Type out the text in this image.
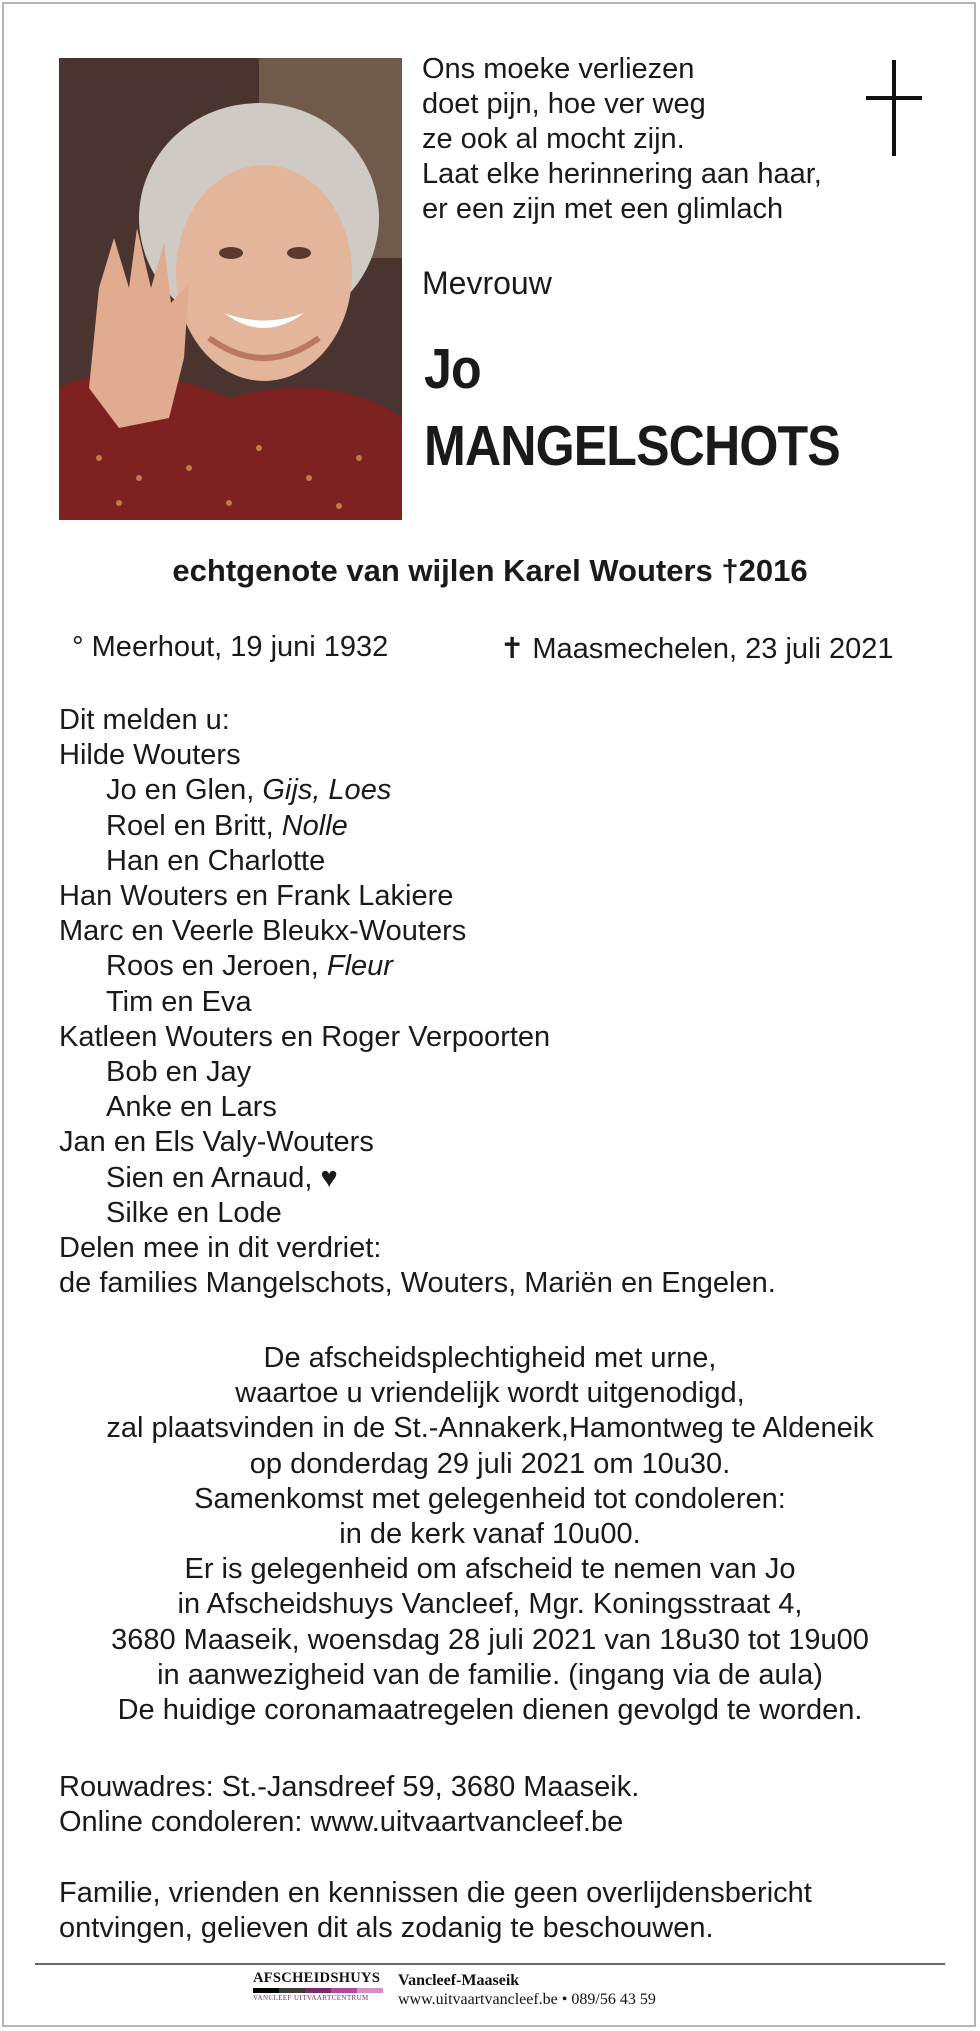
Ons moeke verliezen
doet pijn, hoe ver weg
ze ook al mocht zijn.
Laat elke herinnering aan haar,
er een zijn met een glimlach
Mevrouw
Jo
MANGELSCHOTS
echtgenote van wijlen Karel Wouters †2016
° Meerhout, 19 juni 1932	✝ Maasmechelen, 23 juli 2021
Dit melden u:
Hilde Wouters
Jo en Glen, Gijs, Loes
Roel en Britt, Nolle
Han en Charlotte
Han Wouters en Frank Lakiere
Marc en Veerle Bleukx-Wouters
Roos en Jeroen, Fleur
Tim en Eva
Katleen Wouters en Roger Verpoorten
Bob en Jay
Anke en Lars
Jan en Els Valy-Wouters
Sien en Arnaud, ♥
Silke en Lode
Delen mee in dit verdriet:
de families Mangelschots, Wouters, Mariën en Engelen.
De afscheidsplechtigheid met urne,
waartoe u vriendelijk wordt uitgenodigd,
zal plaatsvinden in de St.-Annakerk,Hamontweg te Aldeneik
op donderdag 29 juli 2021 om 10u30.
Samenkomst met gelegenheid tot condoleren:
in de kerk vanaf 10u00.
Er is gelegenheid om afscheid te nemen van Jo
in Afscheidshuys Vancleef, Mgr. Koningsstraat 4,
3680 Maaseik, woensdag 28 juli 2021 van 18u30 tot 19u00
in aanwezigheid van de familie. (ingang via de aula)
De huidige coronamaatregelen dienen gevolgd te worden.
Rouwadres: St.-Jansdreef 59, 3680 Maaseik.
Online condoleren: www.uitvaartvancleef.be
Familie, vrienden en kennissen die geen overlijdensbericht
ontvingen, gelieven dit als zodanig te beschouwen.
AFSCHEIDSHUYS
VANCLEEF UITVAARTCENTRUM
Vancleef-Maaseik
www.uitvaartvancleef.be • 089/56 43 59
